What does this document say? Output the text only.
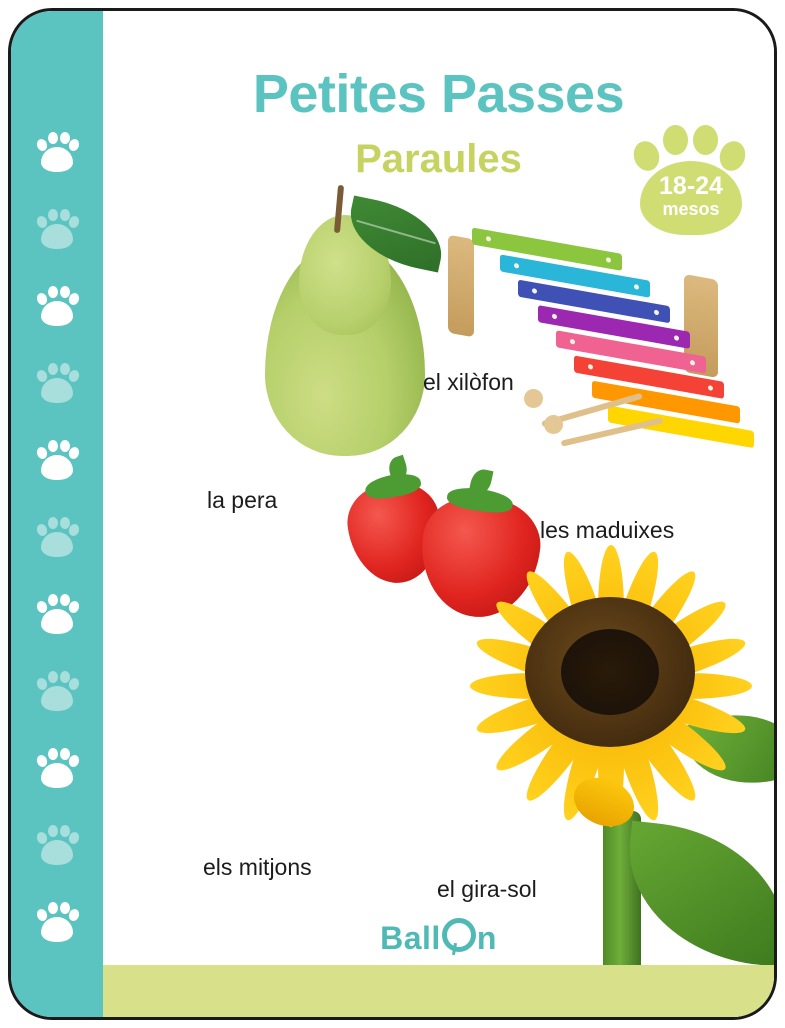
Petites Passes
Paraules
18-24
mesos
la pera
el xilòfon
les maduixes
els mitjons
el gira-sol
Ball n
